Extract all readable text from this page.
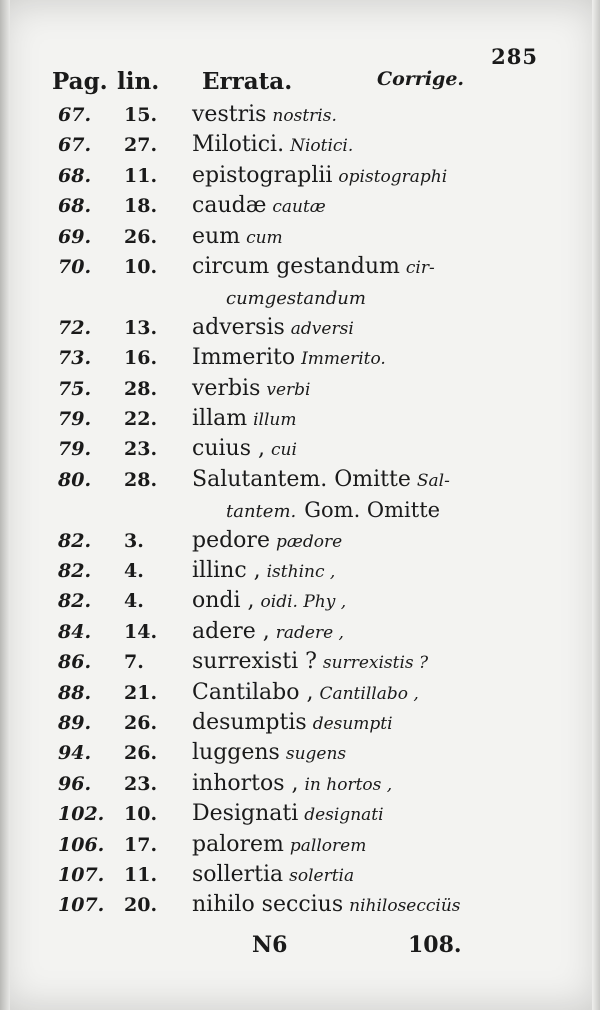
285
Pag. lin. Errata.	Corrige.
67.	15.	vestris nostris.
67.	27.	Milotici. Niotici.
68.	11.	epistograplii opistographi
68.	18.	caudæ cautæ
69.	26.	eum cum
70.	10.	circum gestandum cir-
cumgestandum
72.	13.	adversis adversi
73.	16.	Immerito Immerito.
75.	28.	verbis verbi
79.	22.	illam illum
79.	23.	cuius , cui
80.	28.	Salutantem. Omitte Sal-
tantem. Gom. Omitte
82.	3.	pedore pædore
82.	4.	illinc , isthinc ,
82.	4.	ondi , oidi. Phy ,
84.	14.	adere , radere ,
86.	7.	surrexisti ? surrexistis ?
88.	21.	Cantilabo , Cantillabo ,
89.	26.	desumptis desumpti
94.	26.	luggens sugens
96.	23.	inhortos , in hortos ,
102.	10.	Designati designati
106.	17.	palorem pallorem
107.	11.	sollertia solertia
107.	20.	nihilo seccius nihilosecciüs
N6	108.
